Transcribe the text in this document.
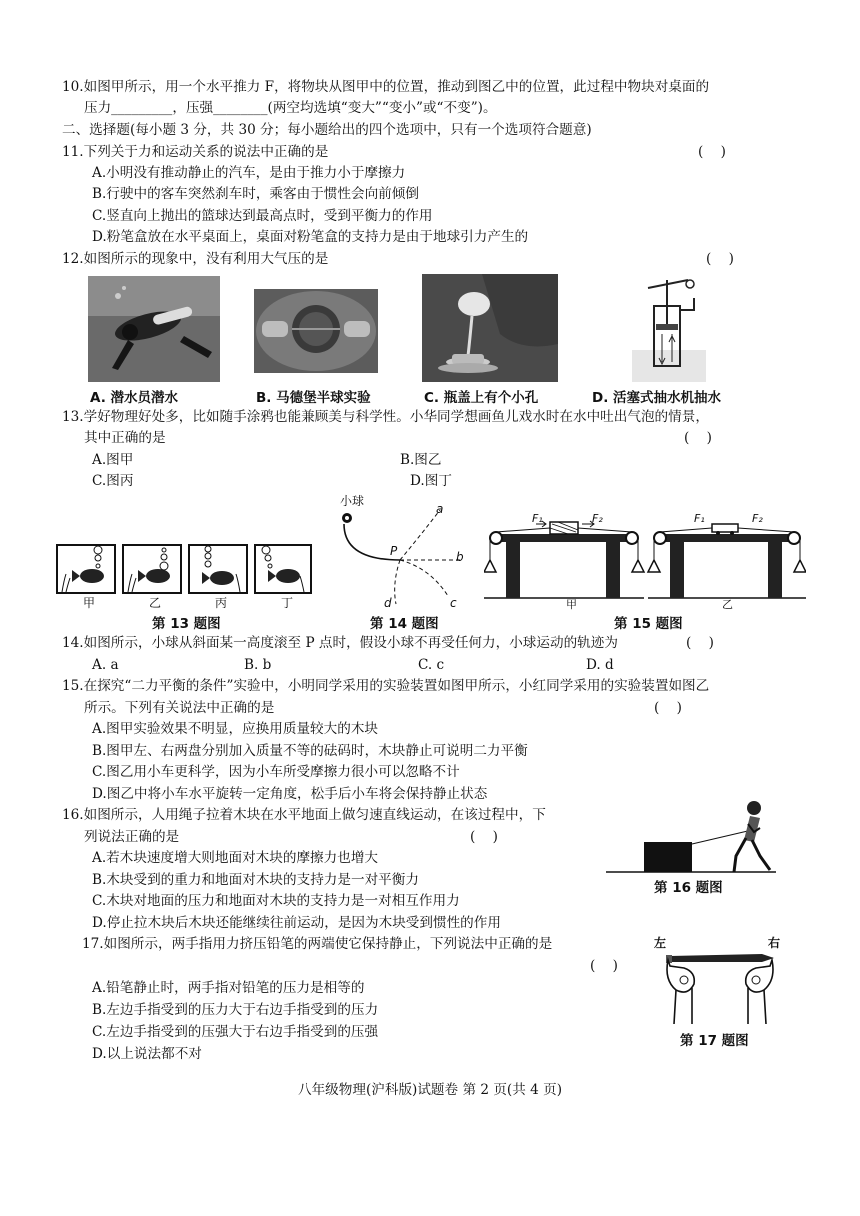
10.如图甲所示，用一个水平推力 F，将物块从图甲中的位置，推动到图乙中的位置，此过程中物块对桌面的
压力_________，压强________(两空均选填“变大”“变小”或“不变”)。
二、选择题(每小题 3 分，共 30 分；每小题给出的四个选项中，只有一个选项符合题意)
11.下列关于力和运动关系的说法中正确的是	(    )
A.小明没有推动静止的汽车，是由于推力小于摩擦力
B.行驶中的客车突然刹车时，乘客由于惯性会向前倾倒
C.竖直向上抛出的篮球达到最高点时，受到平衡力的作用
D.粉笔盒放在水平桌面上，桌面对粉笔盒的支持力是由于地球引力产生的
12.如图所示的现象中，没有利用大气压的是	(    )
A. 潜水员潜水	B. 马德堡半球实验	C. 瓶盖上有个小孔	D. 活塞式抽水机抽水
13.学好物理好处多，比如随手涂鸦也能兼顾美与科学性。小华同学想画鱼儿戏水时在水中吐出气泡的情景，
其中正确的是	(    )
A.图甲	B.图乙
C.图丙	D.图丁
甲	乙	丙	丁
第 13 题图
小球
a
b
c
d
P
第 14 题图
F₁	F₂	F₁	F₂
甲	乙
第 15 题图
14.如图所示，小球从斜面某一高度滚至 P 点时，假设小球不再受任何力，小球运动的轨迹为	(    )
A. a	B. b	C. c	D. d
15.在探究“二力平衡的条件”实验中，小明同学采用的实验装置如图甲所示，小红同学采用的实验装置如图乙
所示。下列有关说法中正确的是	(    )
A.图甲实验效果不明显，应换用质量较大的木块
B.图甲左、右两盘分别加入质量不等的砝码时，木块静止可说明二力平衡
C.图乙用小车更科学，因为小车所受摩擦力很小可以忽略不计
D.图乙中将小车水平旋转一定角度，松手后小车将会保持静止状态
16.如图所示，人用绳子拉着木块在水平地面上做匀速直线运动，在该过程中，下
列说法正确的是	(    )
A.若木块速度增大则地面对木块的摩擦力也增大
B.木块受到的重力和地面对木块的支持力是一对平衡力
C.木块对地面的压力和地面对木块的支持力是一对相互作用力
D.停止拉木块后木块还能继续往前运动，是因为木块受到惯性的作用
第 16 题图
17.如图所示，两手指用力挤压铅笔的两端使它保持静止，下列说法中正确的是
(    )
A.铅笔静止时，两手指对铅笔的压力是相等的
B.左边手指受到的压力大于右边手指受到的压力
C.左边手指受到的压强大于右边手指受到的压强
D.以上说法都不对
左	右
第 17 题图
八年级物理(沪科版)试题卷 第 2 页(共 4 页)
